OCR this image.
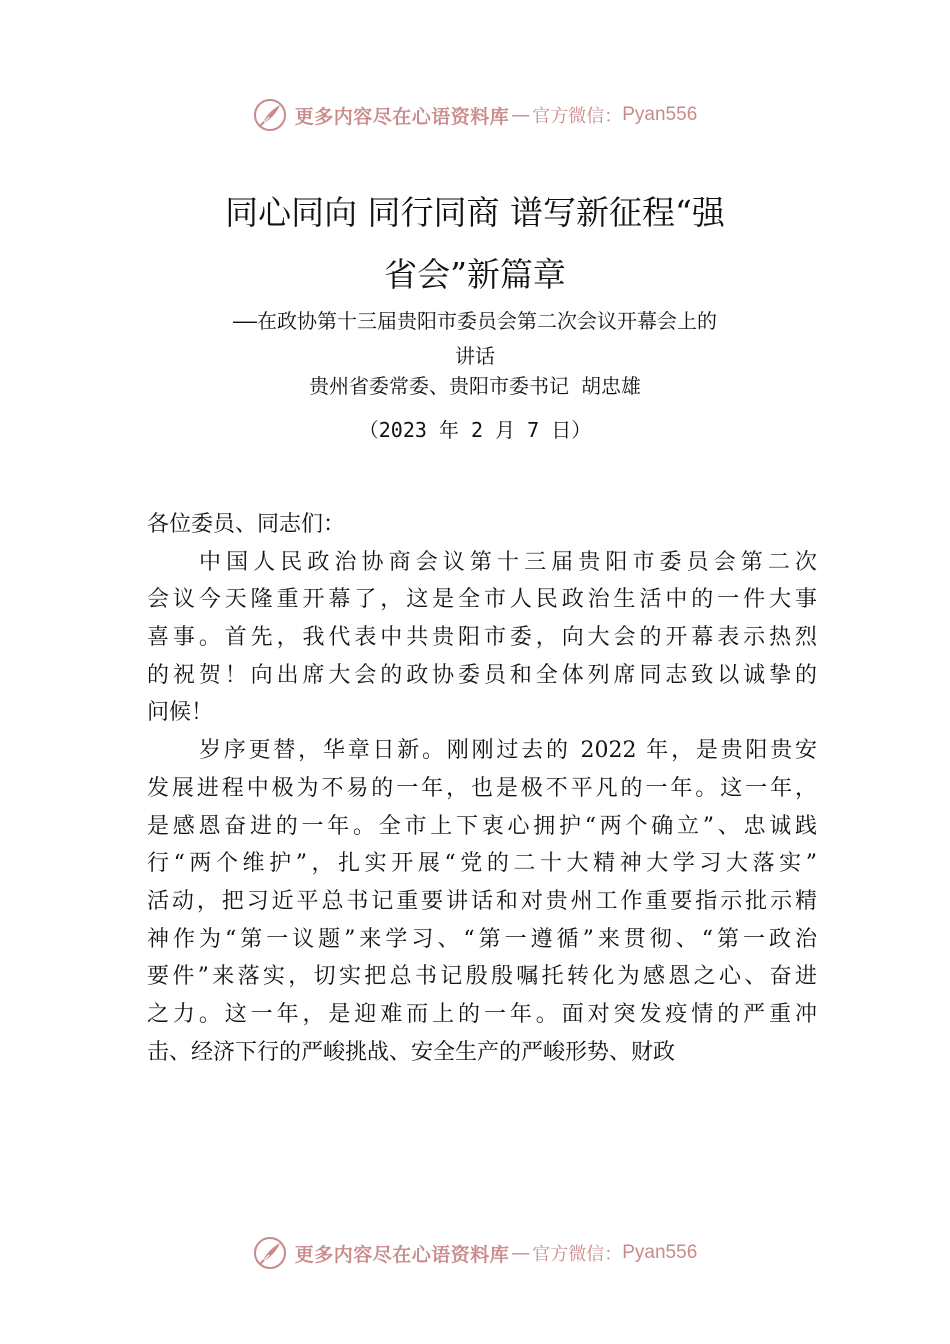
更多内容尽在心语资料库 — 官方微信： Pyan556
同心同向 同行同商 谱写新征程“强
省会”新篇章
——在政协第十三届贵阳市委员会第二次会议开幕会上的
讲话
贵州省委常委、贵阳市委书记 胡忠雄
（2023 年 2 月 7 日）
各位委员、同志们：
中国人民政治协商会议第十三届贵阳市委员会第二次
会议今天隆重开幕了，这是全市人民政治生活中的一件大事
喜事。首先，我代表中共贵阳市委，向大会的开幕表示热烈
的祝贺！向出席大会的政协委员和全体列席同志致以诚挚的
问候！
岁序更替，华章日新。刚刚过去的 2022 年，是贵阳贵安
发展进程中极为不易的一年，也是极不平凡的一年。这一年，
是感恩奋进的一年。全市上下衷心拥护“两个确立”、忠诚践
行“两个维护”，扎实开展“党的二十大精神大学习大落实”
活动，把习近平总书记重要讲话和对贵州工作重要指示批示精
神作为“第一议题”来学习、“第一遵循”来贯彻、“第一政治
要件”来落实，切实把总书记殷殷嘱托转化为感恩之心、奋进
之力。这一年，是迎难而上的一年。面对突发疫情的严重冲
击、经济下行的严峻挑战、安全生产的严峻形势、财政
更多内容尽在心语资料库 — 官方微信： Pyan556
